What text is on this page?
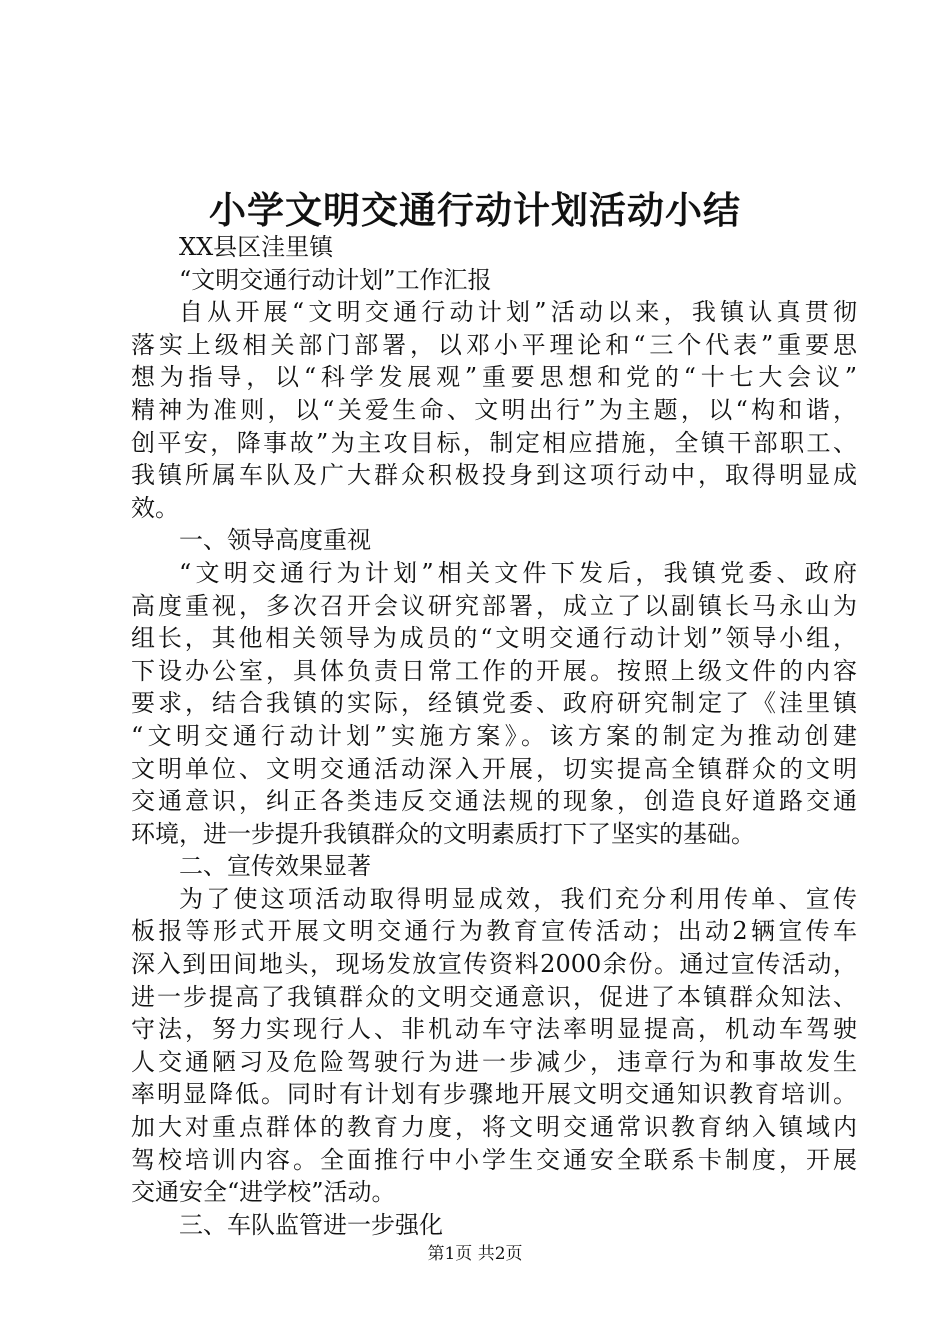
小学文明交通行动计划活动小结
XX县区洼里镇
“文明交通行动计划”工作汇报
自从开展“文明交通行动计划”活动以来，我镇认真贯彻
落实上级相关部门部署，以邓小平理论和“三个代表”重要思
想为指导，以“科学发展观”重要思想和党的“十七大会议”
精神为准则，以“关爱生命、文明出行”为主题，以“构和谐，
创平安，降事故”为主攻目标，制定相应措施，全镇干部职工、
我镇所属车队及广大群众积极投身到这项行动中，取得明显成
效。
一、领导高度重视
“文明交通行为计划”相关文件下发后，我镇党委、政府
高度重视，多次召开会议研究部署，成立了以副镇长马永山为
组长，其他相关领导为成员的“文明交通行动计划”领导小组，
下设办公室，具体负责日常工作的开展。按照上级文件的内容
要求，结合我镇的实际，经镇党委、政府研究制定了《洼里镇
“文明交通行动计划”实施方案》。该方案的制定为推动创建
文明单位、文明交通活动深入开展，切实提高全镇群众的文明
交通意识，纠正各类违反交通法规的现象，创造良好道路交通
环境，进一步提升我镇群众的文明素质打下了坚实的基础。
二、宣传效果显著
为了使这项活动取得明显成效，我们充分利用传单、宣传
板报等形式开展文明交通行为教育宣传活动；出动2辆宣传车
深入到田间地头，现场发放宣传资料2000余份。通过宣传活动，
进一步提高了我镇群众的文明交通意识，促进了本镇群众知法、
守法，努力实现行人、非机动车守法率明显提高，机动车驾驶
人交通陋习及危险驾驶行为进一步减少，违章行为和事故发生
率明显降低。同时有计划有步骤地开展文明交通知识教育培训。
加大对重点群体的教育力度，将文明交通常识教育纳入镇域内
驾校培训内容。全面推行中小学生交通安全联系卡制度，开展
交通安全“进学校”活动。
三、车队监管进一步强化
第1页 共2页
